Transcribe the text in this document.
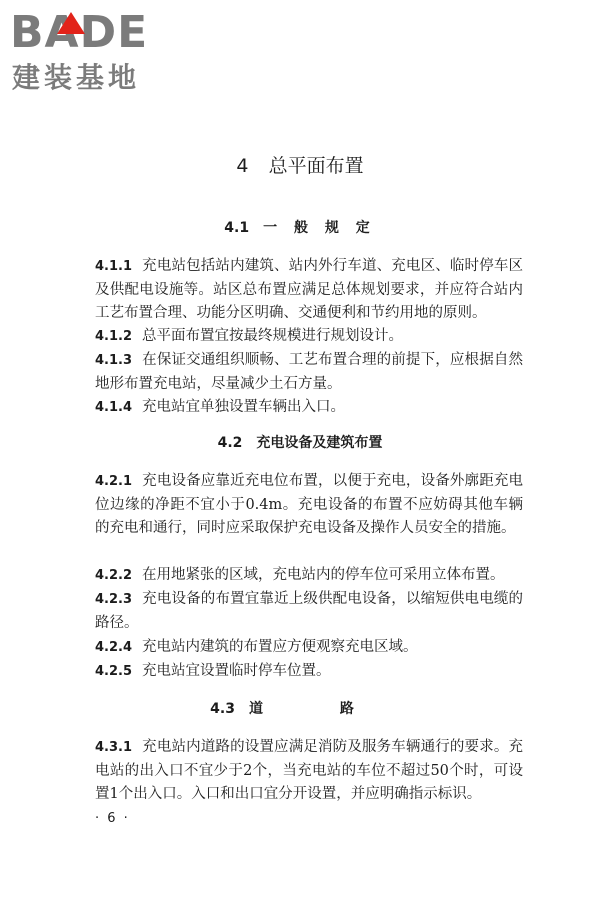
BADE
建装基地
4 总平面布置
4.1 一 般 规 定
4.1.1 充电站包括站内建筑、站内外行车道、充电区、临时停车区及供配电设施等。站区总布置应满足总体规划要求，并应符合站内工艺布置合理、功能分区明确、交通便利和节约用地的原则。
4.1.2 总平面布置宜按最终规模进行规划设计。
4.1.3 在保证交通组织顺畅、工艺布置合理的前提下，应根据自然地形布置充电站，尽量减少土石方量。
4.1.4 充电站宜单独设置车辆出入口。
4.2 充电设备及建筑布置
4.2.1 充电设备应靠近充电位布置，以便于充电，设备外廓距充电位边缘的净距不宜小于0.4m。充电设备的布置不应妨碍其他车辆的充电和通行，同时应采取保护充电设备及操作人员安全的措施。
4.2.2 在用地紧张的区域，充电站内的停车位可采用立体布置。
4.2.3 充电设备的布置宜靠近上级供配电设备，以缩短供电电缆的路径。
4.2.4 充电站内建筑的布置应方便观察充电区域。
4.2.5 充电站宜设置临时停车位置。
4.3 道 路
4.3.1 充电站内道路的设置应满足消防及服务车辆通行的要求。充电站的出入口不宜少于2个，当充电站的车位不超过50个时，可设置1个出入口。入口和出口宜分开设置，并应明确指示标识。
· 6 ·
